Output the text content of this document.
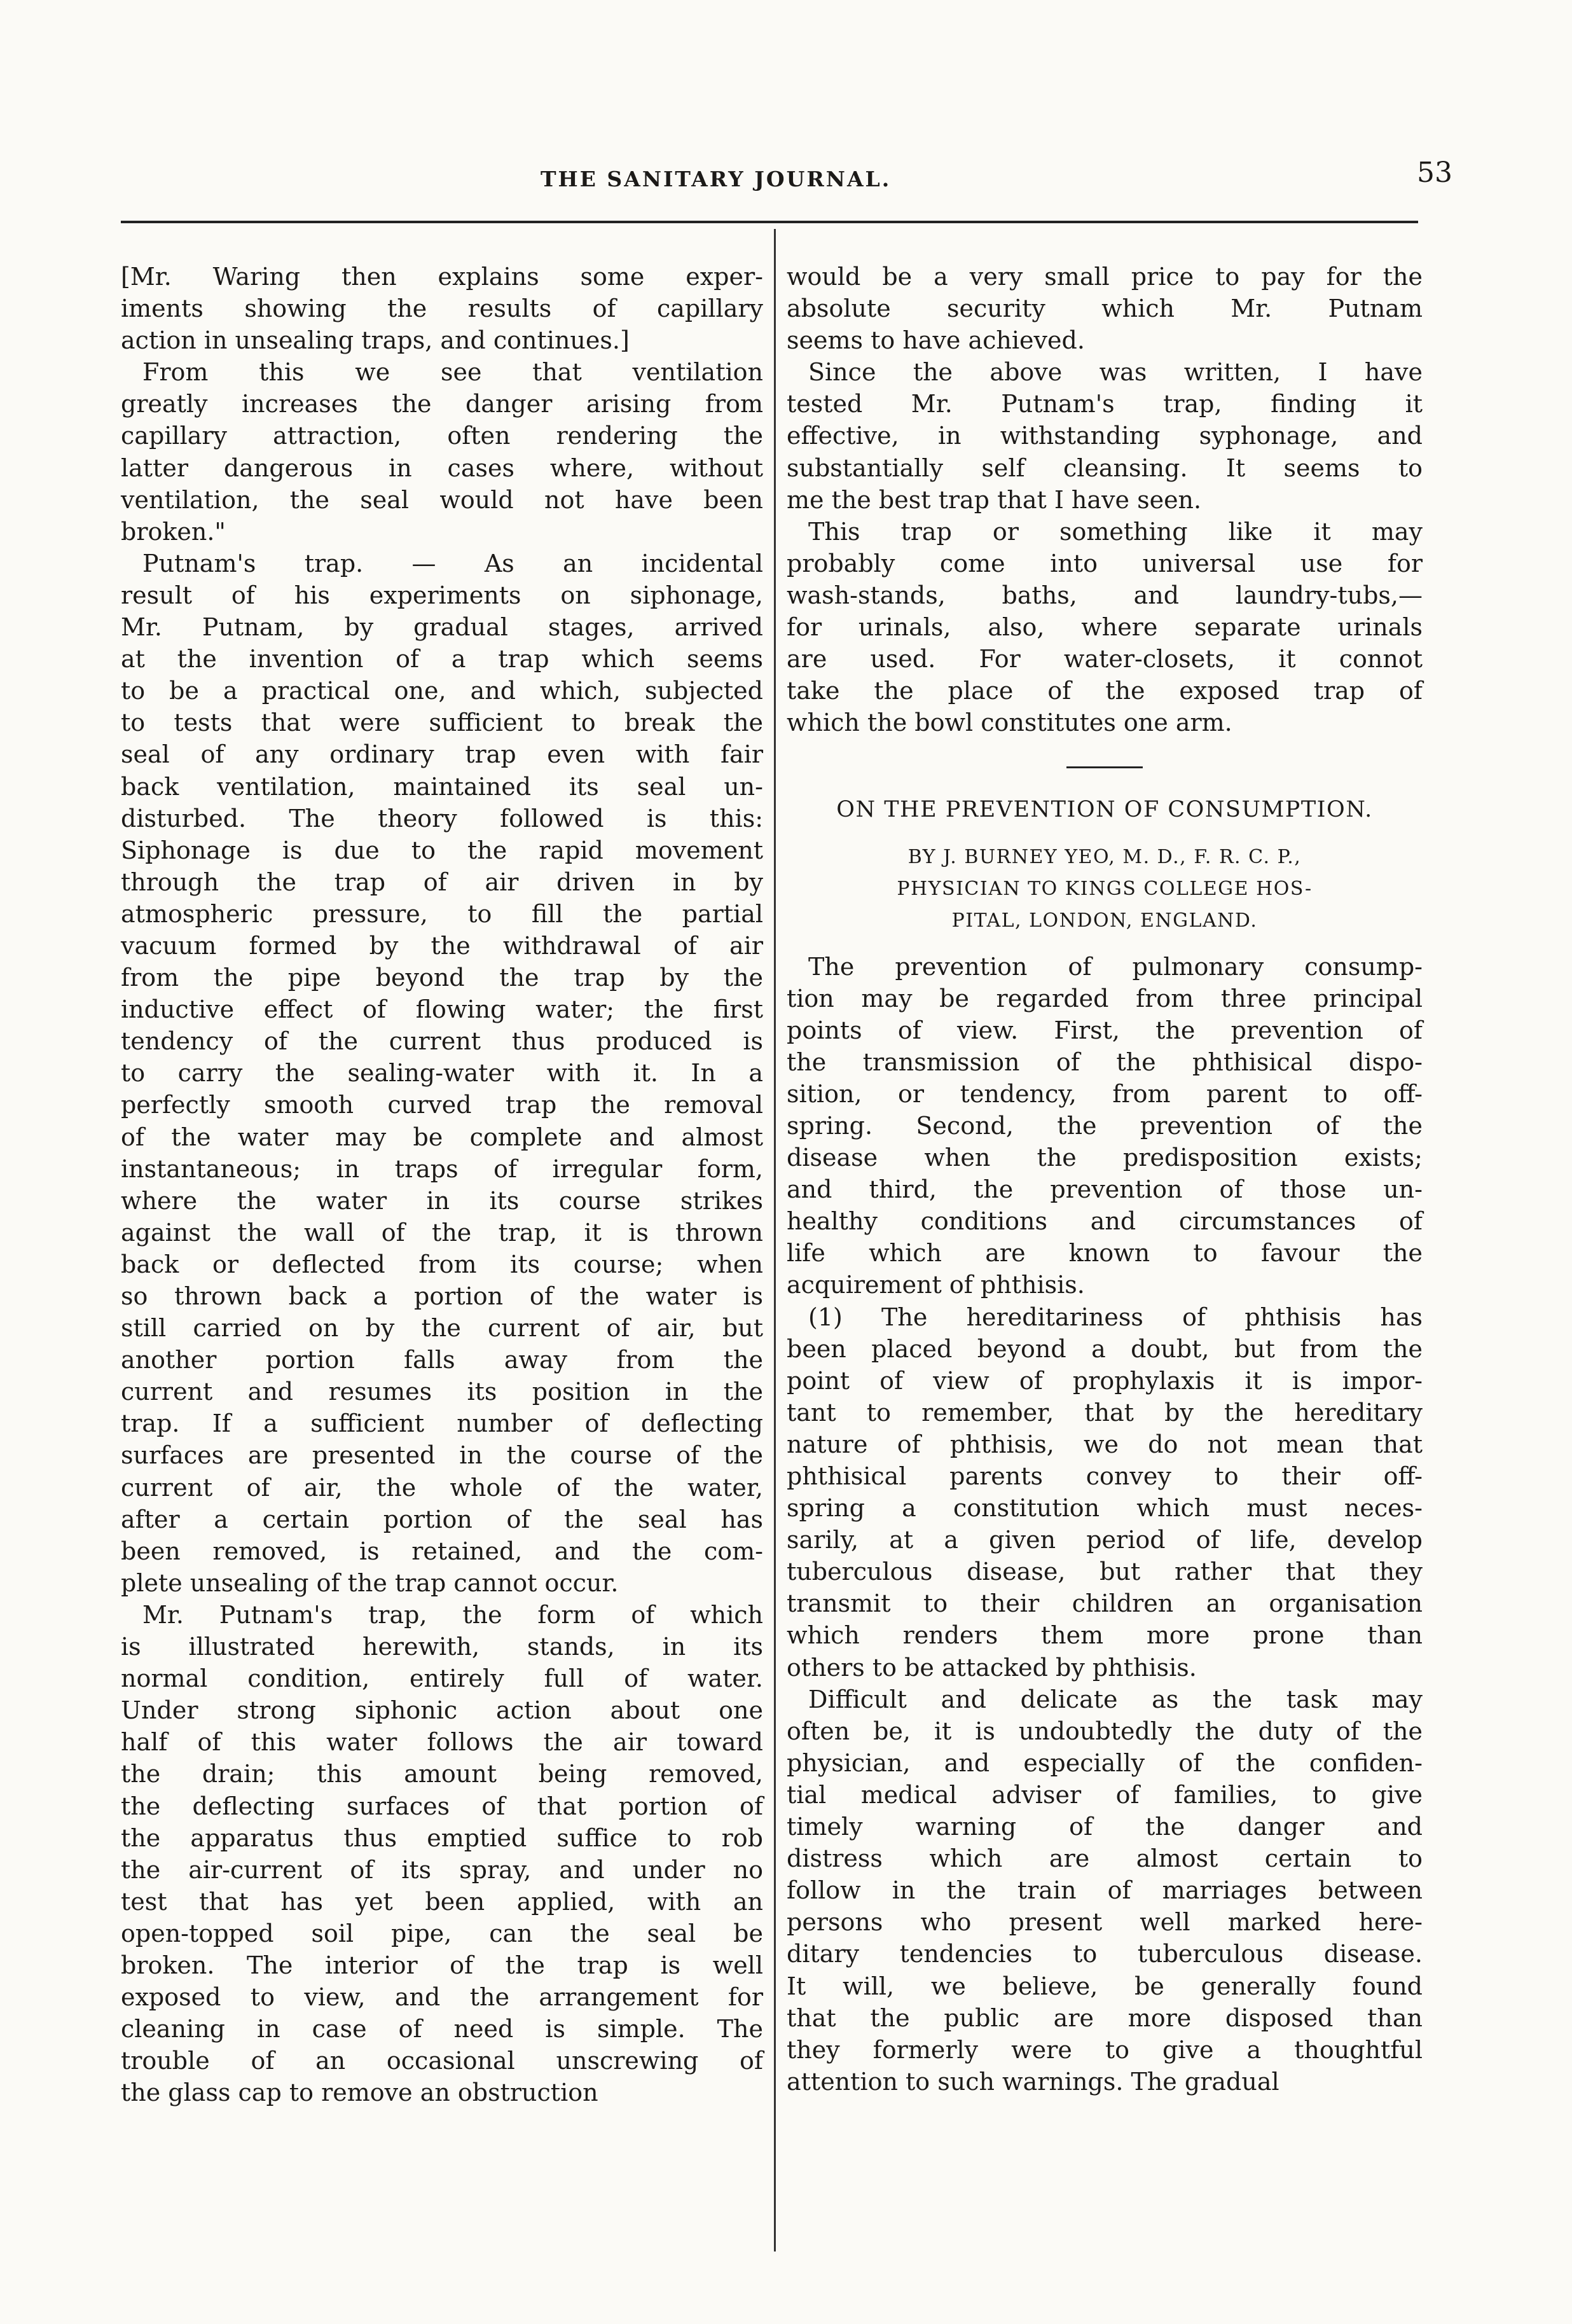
THE SANITARY JOURNAL.	53
[Mr. Waring then explains some exper-
iments showing the results of capillary
action in unsealing traps, and continues.]
From this we see that ventilation
greatly increases the danger arising from
capillary attraction, often rendering the
latter dangerous in cases where, without
ventilation, the seal would not have been
broken."
Putnam's trap. — As an incidental
result of his experiments on siphonage,
Mr. Putnam, by gradual stages, arrived
at the invention of a trap which seems
to be a practical one, and which, subjected
to tests that were sufficient to break the
seal of any ordinary trap even with fair
back ventilation, maintained its seal un-
disturbed. The theory followed is this:
Siphonage is due to the rapid movement
through the trap of air driven in by
atmospheric pressure, to fill the partial
vacuum formed by the withdrawal of air
from the pipe beyond the trap by the
inductive effect of flowing water; the first
tendency of the current thus produced is
to carry the sealing-water with it. In a
perfectly smooth curved trap the removal
of the water may be complete and almost
instantaneous; in traps of irregular form,
where the water in its course strikes
against the wall of the trap, it is thrown
back or deflected from its course; when
so thrown back a portion of the water is
still carried on by the current of air, but
another portion falls away from the
current and resumes its position in the
trap. If a sufficient number of deflecting
surfaces are presented in the course of the
current of air, the whole of the water,
after a certain portion of the seal has
been removed, is retained, and the com-
plete unsealing of the trap cannot occur.
Mr. Putnam's trap, the form of which
is illustrated herewith, stands, in its
normal condition, entirely full of water.
Under strong siphonic action about one
half of this water follows the air toward
the drain; this amount being removed,
the deflecting surfaces of that portion of
the apparatus thus emptied suffice to rob
the air-current of its spray, and under no
test that has yet been applied, with an
open-topped soil pipe, can the seal be
broken. The interior of the trap is well
exposed to view, and the arrangement for
cleaning in case of need is simple. The
trouble of an occasional unscrewing of
the glass cap to remove an obstruction
would be a very small price to pay for the
absolute security which Mr. Putnam
seems to have achieved.
Since the above was written, I have
tested Mr. Putnam's trap, finding it
effective, in withstanding syphonage, and
substantially self cleansing. It seems to
me the best trap that I have seen.
This trap or something like it may
probably come into universal use for
wash-stands, baths, and laundry-tubs,—
for urinals, also, where separate urinals
are used. For water-closets, it connot
take the place of the exposed trap of
which the bowl constitutes one arm.
ON THE PREVENTION OF CONSUMPTION.
BY J. BURNEY YEO, M. D., F. R. C. P.,
PHYSICIAN TO KINGS COLLEGE HOS-
PITAL, LONDON, ENGLAND.
The prevention of pulmonary consump-
tion may be regarded from three principal
points of view. First, the prevention of
the transmission of the phthisical dispo-
sition, or tendency, from parent to off-
spring. Second, the prevention of the
disease when the predisposition exists;
and third, the prevention of those un-
healthy conditions and circumstances of
life which are known to favour the
acquirement of phthisis.
(1) The hereditariness of phthisis has
been placed beyond a doubt, but from the
point of view of prophylaxis it is impor-
tant to remember, that by the hereditary
nature of phthisis, we do not mean that
phthisical parents convey to their off-
spring a constitution which must neces-
sarily, at a given period of life, develop
tuberculous disease, but rather that they
transmit to their children an organisation
which renders them more prone than
others to be attacked by phthisis.
Difficult and delicate as the task may
often be, it is undoubtedly the duty of the
physician, and especially of the confiden-
tial medical adviser of families, to give
timely warning of the danger and
distress which are almost certain to
follow in the train of marriages between
persons who present well marked here-
ditary tendencies to tuberculous disease.
It will, we believe, be generally found
that the public are more disposed than
they formerly were to give a thoughtful
attention to such warnings. The gradual
